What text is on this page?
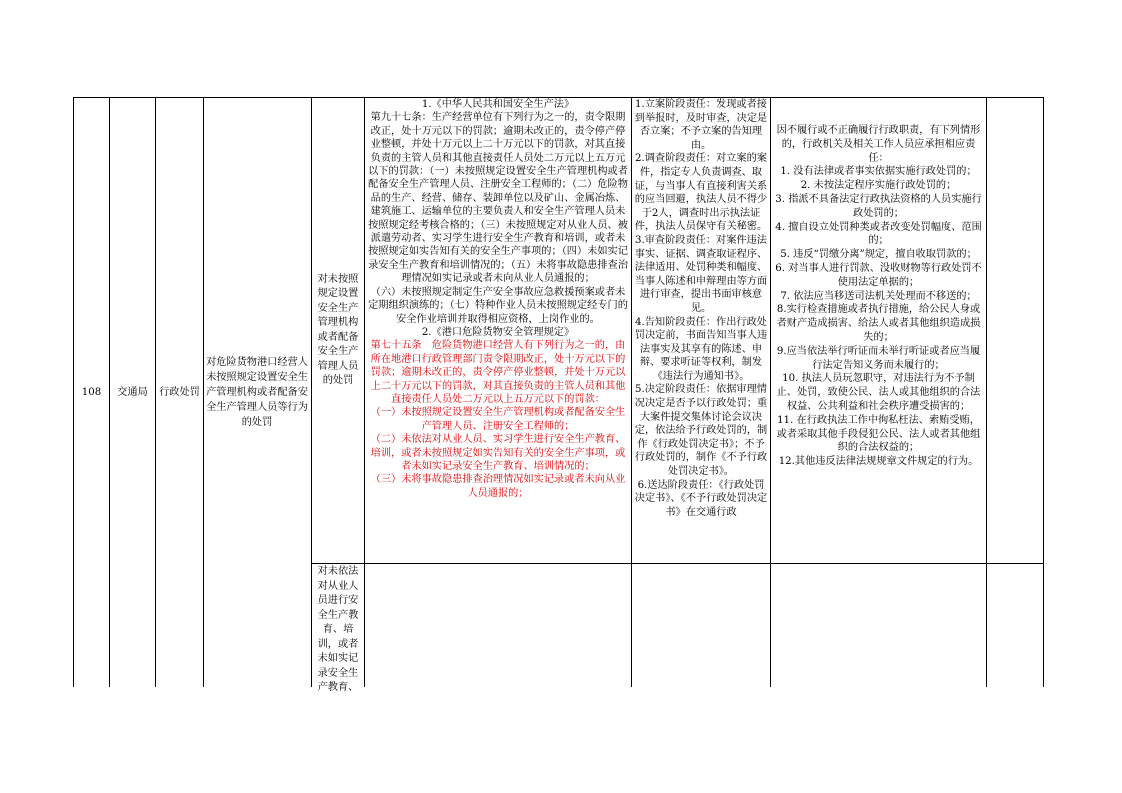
108 交通局 行政处罚
对危险货物港口经营人未按照规定设置安全生产管理机构或者配备安全生产管理人员等行为的处罚
对未按照规定设置安全生产管理机构或者配备安全生产管理人员的处罚
对未依法对从业人员进行安全生产教育、培训，或者未如实记录安全生产教育、

1.《中华人民共和国安全生产法》

第九十七条：生产经营单位有下列行为之一的，责令限期改正，处十万元以下的罚款；逾期未改正的，责令停产停业整顿，并处十万元以上二十万元以下的罚款，对其直接负责的主管人员和其他直接责任人员处二万元以上五万元以下的罚款：（一）未按照规定设置安全生产管理机构或者配备安全生产管理人员、注册安全工程师的；（二）危险物品的生产、经营、储存、装卸单位以及矿山、金属冶炼、建筑施工、运输单位的主要负责人和安全生产管理人员未按照规定经考核合格的；（三）未按照规定对从业人员、被派遣劳动者、实习学生进行安全生产教育和培训，或者未按照规定如实告知有关的安全生产事项的；（四）未如实记录安全生产教育和培训情况的；（五）未将事故隐患排查治理情况如实记录或者未向从业人员通报的；

（六）未按照规定制定生产安全事故应急救援预案或者未定期组织演练的；（七）特种作业人员未按照规定经专门的安全作业培训并取得相应资格，上岗作业的。

2.《港口危险货物安全管理规定》

第七十五条　危险货物港口经营人有下列行为之一的，由所在地港口行政管理部门责令限期改正，处十万元以下的罚款；逾期未改正的，责令停产停业整顿，并处十万元以上二十万元以下的罚款，对其直接负责的主管人员和其他直接责任人员处二万元以上五万元以下的罚款：

（一）未按照规定设置安全生产管理机构或者配备安全生产管理人员、注册安全工程师的；

（二）未依法对从业人员、实习学生进行安全生产教育、培训，或者未按照规定如实告知有关的安全生产事项，或者未如实记录安全生产教育、培训情况的；

（三）未将事故隐患排查治理情况如实记录或者未向从业人员通报的；

1.立案阶段责任：发现或者接到举报时，及时审查，决定是否立案；不予立案的告知理由。

2.调查阶段责任：对立案的案件，指定专人负责调查、取证，与当事人有直接利害关系的应当回避，执法人员不得少于2人，调查时出示执法证件，执法人员保守有关秘密。

3.审查阶段责任：对案件违法事实、证据、调查取证程序、法律适用、处罚种类和幅度、当事人陈述和申辩理由等方面进行审查，提出书面审核意见。

4.告知阶段责任：作出行政处罚决定前，书面告知当事人违法事实及其享有的陈述、申辩、要求听证等权利，制发《违法行为通知书》。

5.决定阶段责任：依据审理情况决定是否予以行政处罚；重大案件提交集体讨论会议决定，依法给予行政处罚的，制作《行政处罚决定书》；不予行政处罚的，制作《不予行政处罚决定书》。

6.送达阶段责任：《行政处罚决定书》、《不予行政处罚决定书》在交通行政

因不履行或不正确履行行政职责，有下列情形的，行政机关及相关工作人员应承担相应责任：

1. 没有法律或者事实依据实施行政处罚的；

2. 未按法定程序实施行政处罚的；

3. 指派不具备法定行政执法资格的人员实施行政处罚的；

4. 擅自设立处罚种类或者改变处罚幅度、范围的；

5. 违反“罚缴分离”规定，擅自收取罚款的；

6. 对当事人进行罚款、没收财物等行政处罚不使用法定单据的；

7. 依法应当移送司法机关处理而不移送的；

8.实行检查措施或者执行措施，给公民人身或者财产造成损害、给法人或者其他组织造成损失的；

9.应当依法举行听证而未举行听证或者应当履行法定告知义务而未履行的；

10. 执法人员玩忽职守，对违法行为不予制止、处罚，致使公民、法人或其他组织的合法权益、公共利益和社会秩序遭受损害的；

11. 在行政执法工作中徇私枉法、索贿受贿，或者采取其他手段侵犯公民、法人或者其他组织的合法权益的；

12.其他违反法律法规规章文件规定的行为。
